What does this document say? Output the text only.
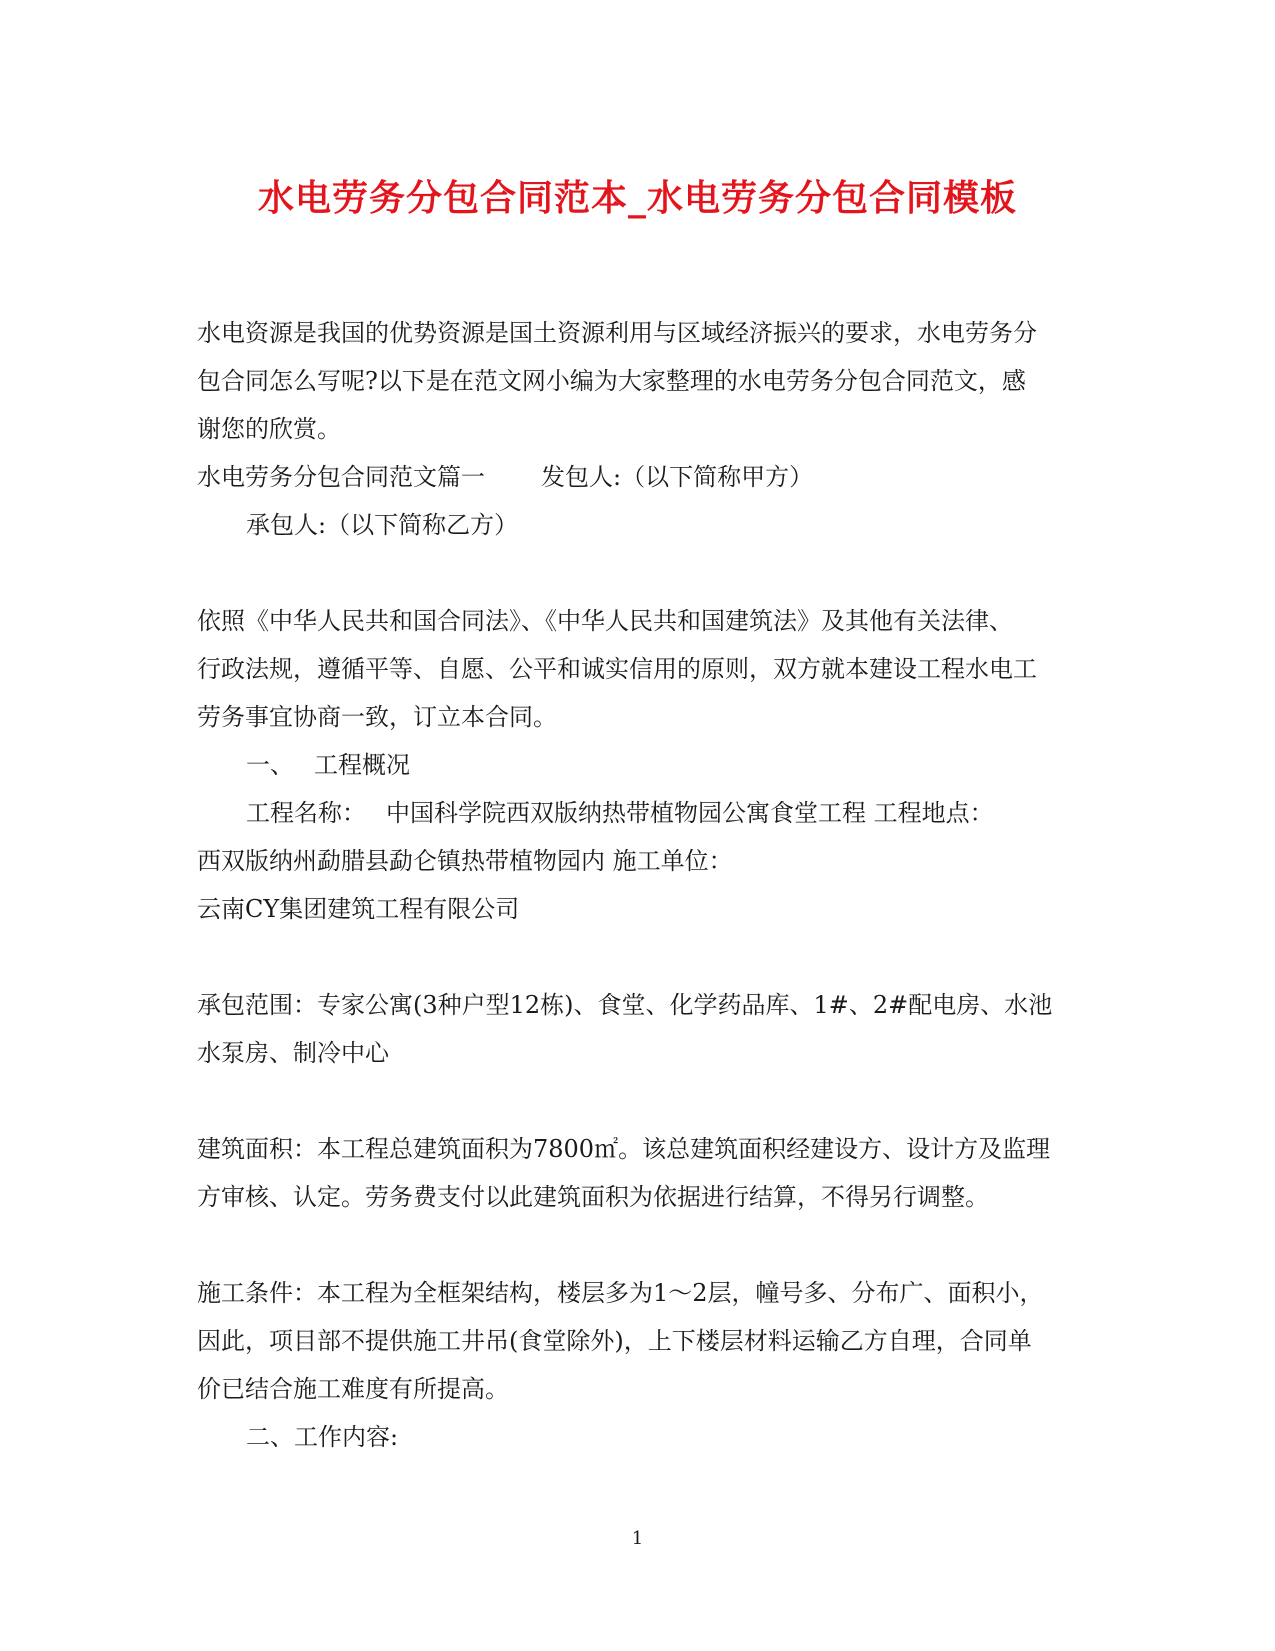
水电劳务分包合同范本_水电劳务分包合同模板
水电资源是我国的优势资源是国土资源利用与区域经济振兴的要求，水电劳务分
包合同怎么写呢?以下是在范文网小编为大家整理的水电劳务分包合同范文，感
谢您的欣赏。
水电劳务分包合同范文篇一 发包人:（以下简称甲方）
承包人:（以下简称乙方）
依照《中华人民共和国合同法》、《中华人民共和国建筑法》及其他有关法律、
行政法规，遵循平等、自愿、公平和诚实信用的原则，双方就本建设工程水电工
劳务事宜协商一致，订立本合同。
一、 工程概况
工程名称： 中国科学院西双版纳热带植物园公寓食堂工程 工程地点：
西双版纳州勐腊县勐仑镇热带植物园内 施工单位：
云南CY集团建筑工程有限公司
承包范围：专家公寓(3种户型12栋)、食堂、化学药品库、1#、2#配电房、水池
水泵房、制冷中心
建筑面积：本工程总建筑面积为7800㎡。该总建筑面积经建设方、设计方及监理
方审核、认定。劳务费支付以此建筑面积为依据进行结算，不得另行调整。
施工条件：本工程为全框架结构，楼层多为1～2层，幢号多、分布广、面积小，
因此，项目部不提供施工井吊(食堂除外)，上下楼层材料运输乙方自理，合同单
价已结合施工难度有所提高。
二、工作内容:
1
